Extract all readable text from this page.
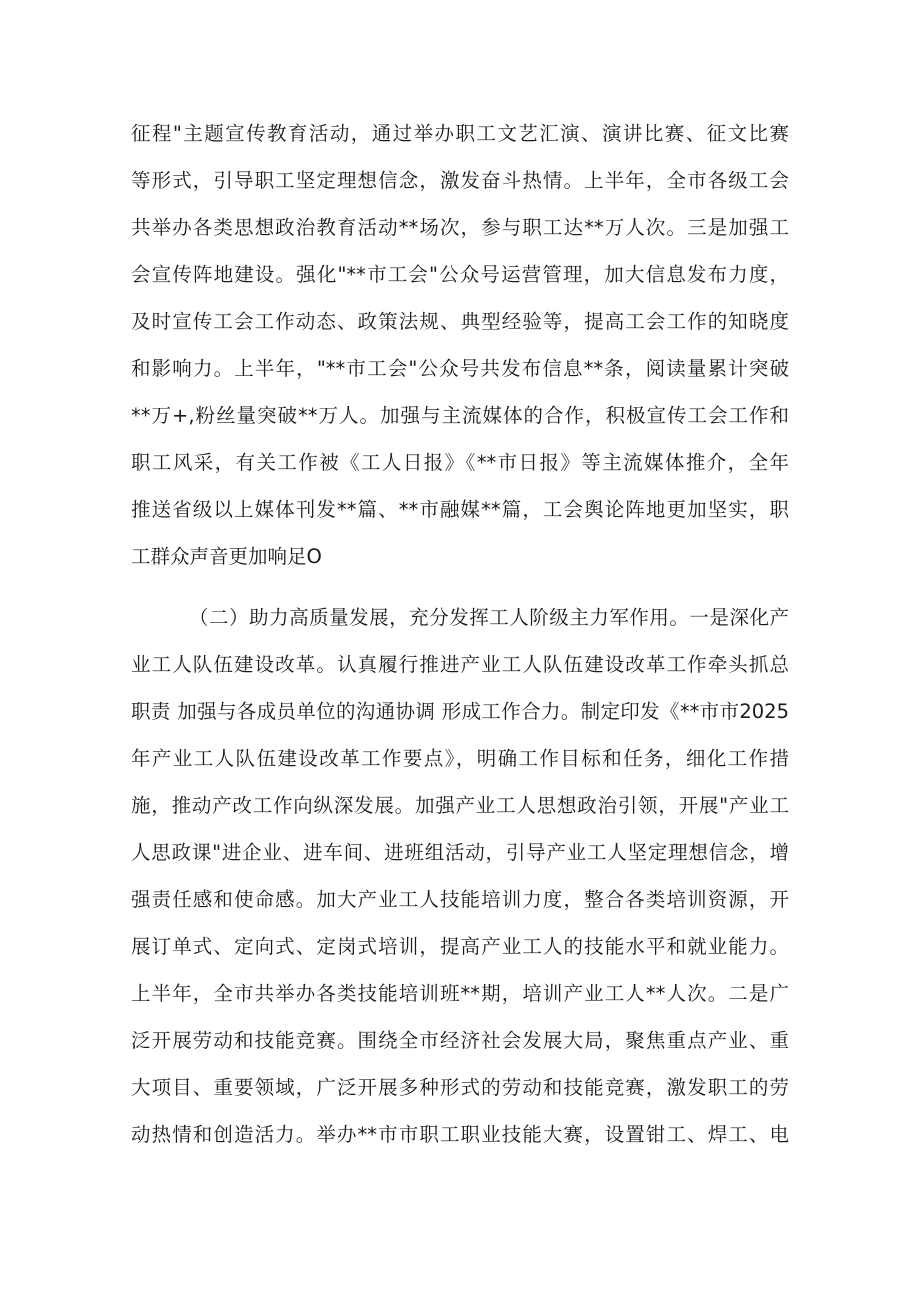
征程"主题宣传教育活动，通过举办职工文艺汇演、演讲比赛、征文比赛
等形式，引导职工坚定理想信念，激发奋斗热情。上半年，全市各级工会
共举办各类思想政治教育活动**场次，参与职工达**万人次。三是加强工
会宣传阵地建设。强化"**市工会"公众号运营管理，加大信息发布力度，
及时宣传工会工作动态、政策法规、典型经验等，提高工会工作的知晓度
和影响力。上半年，"**市工会"公众号共发布信息**条，阅读量累计突破
**万+,粉丝量突破**万人。加强与主流媒体的合作，积极宣传工会工作和
职工风采，有关工作被《工人日报》《**市日报》等主流媒体推介，全年
推送省级以上媒体刊发**篇、**市融媒**篇，工会舆论阵地更加坚实，职
工群众声音更加响足O
（二）助力高质量发展，充分发挥工人阶级主力军作用。一是深化产
业工人队伍建设改革。认真履行推进产业工人队伍建设改革工作牵头抓总
职责 加强与各成员单位的沟通协调 形成工作合力。制定印发《**市市2025
年产业工人队伍建设改革工作要点》，明确工作目标和任务，细化工作措
施，推动产改工作向纵深发展。加强产业工人思想政治引领，开展"产业工
人思政课"进企业、进车间、进班组活动，引导产业工人坚定理想信念，增
强责任感和使命感。加大产业工人技能培训力度，整合各类培训资源，开
展订单式、定向式、定岗式培训，提高产业工人的技能水平和就业能力。
上半年，全市共举办各类技能培训班**期，培训产业工人**人次。二是广
泛开展劳动和技能竞赛。围绕全市经济社会发展大局，聚焦重点产业、重
大项目、重要领域，广泛开展多种形式的劳动和技能竞赛，激发职工的劳
动热情和创造活力。举办**市市职工职业技能大赛，设置钳工、焊工、电
